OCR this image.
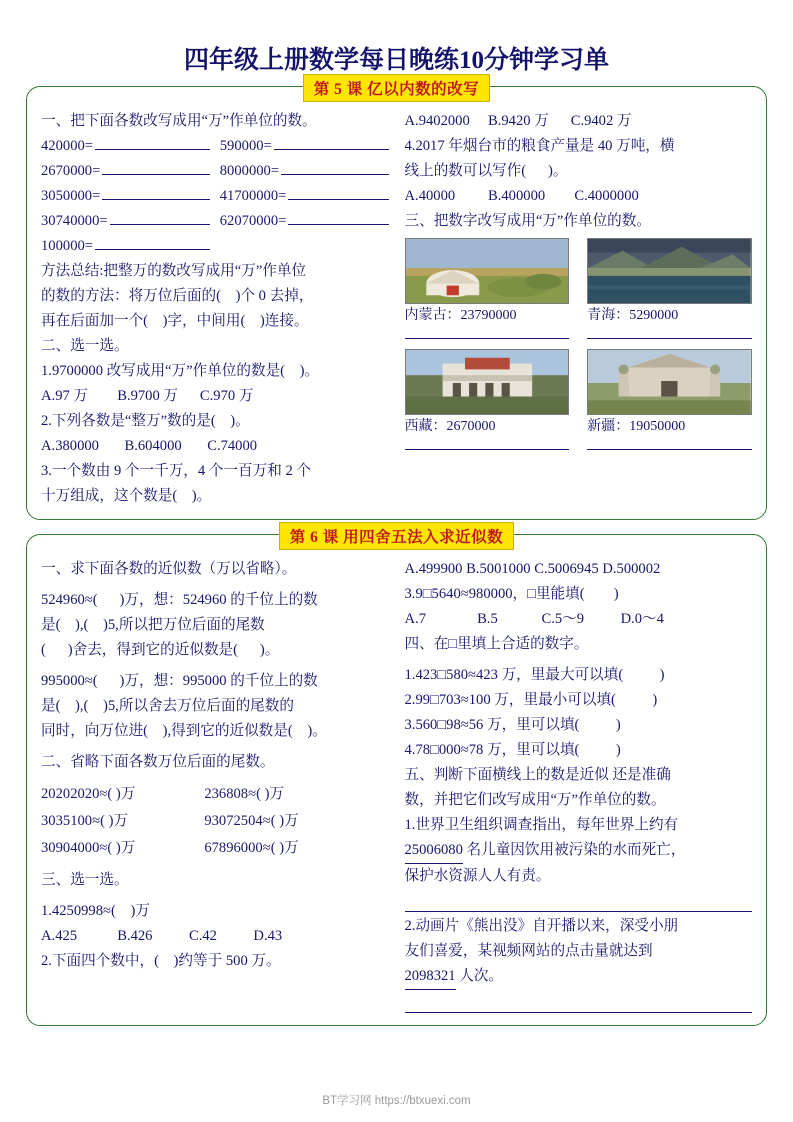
四年级上册数学每日晚练10分钟学习单
第 5 课 亿以内数的改写
一、把下面各数改写成用“万”作单位的数。
420000=	590000=
2670000=	8000000=
3050000=	41700000=
30740000=	62070000=
100000=
方法总结:把整万的数改写成用“万”作单位
的数的方法：将万位后面的(    )个 0 去掉，
再在后面加一个(    )字，中间用(    )连接。
二、选一选。
1.9700000 改写成用“万”作单位的数是(    )。
A.97 万        B.9700 万      C.970 万
2.下列各数是“整万”数的是(    )。
A.380000       B.604000       C.74000
3.一个数由 9 个一千万，4 个一百万和 2 个
十万组成，这个数是(    )。
A.9402000     B.9420 万      C.9402 万
4.2017 年烟台市的粮食产量是 40 万吨，横
线上的数可以写作(      )。
A.40000         B.400000        C.4000000
三、把数字改写成用“万”作单位的数。
内蒙古：23790000	青海：5290000
西藏：2670000	新疆：19050000
第 6 课 用四舍五法入求近似数
一、求下面各数的近似数（万以省略）。
524960≈(      )万，想：524960 的千位上的数
是(    ),(    )5,所以把万位后面的尾数
(      )舍去，得到它的近似数是(      )。
995000≈(      )万，想：995000 的千位上的数
是(    ),(    )5,所以舍去万位后面的尾数的
同时，向万位进(    ),得到它的近似数是(    )。
二、省略下面各数万位后面的尾数。
20202020≈( )万	236808≈( )万
3035100≈( )万	93072504≈( )万
30904000≈( )万	67896000≈( )万
三、选一选。
1.4250998≈(    )万
A.425           B.426          C.42          D.43
2.下面四个数中，(    )约等于 500 万。
A.499900 B.5001000 C.5006945 D.500002
3.9□5640≈980000，□里能填(        )
A.7              B.5            C.5～9          D.0～4
四、在□里填上合适的数字。
1.423□580≈423 万，里最大可以填(          )
2.99□703≈100 万，里最小可以填(          )
3.560□98≈56 万，里可以填(          )
4.78□000≈78 万，里可以填(          )
五、判断下面横线上的数是近似 还是准确
数，并把它们改写成用“万”作单位的数。
1.世界卫生组织调查指出，每年世界上约有
25006080 名儿童因饮用被污染的水而死亡，
保护水资源人人有责。
2.动画片《熊出没》自开播以来，深受小朋
友们喜爱，某视频网站的点击量就达到
2098321 人次。
BT学习网 https://btxuexi.com
